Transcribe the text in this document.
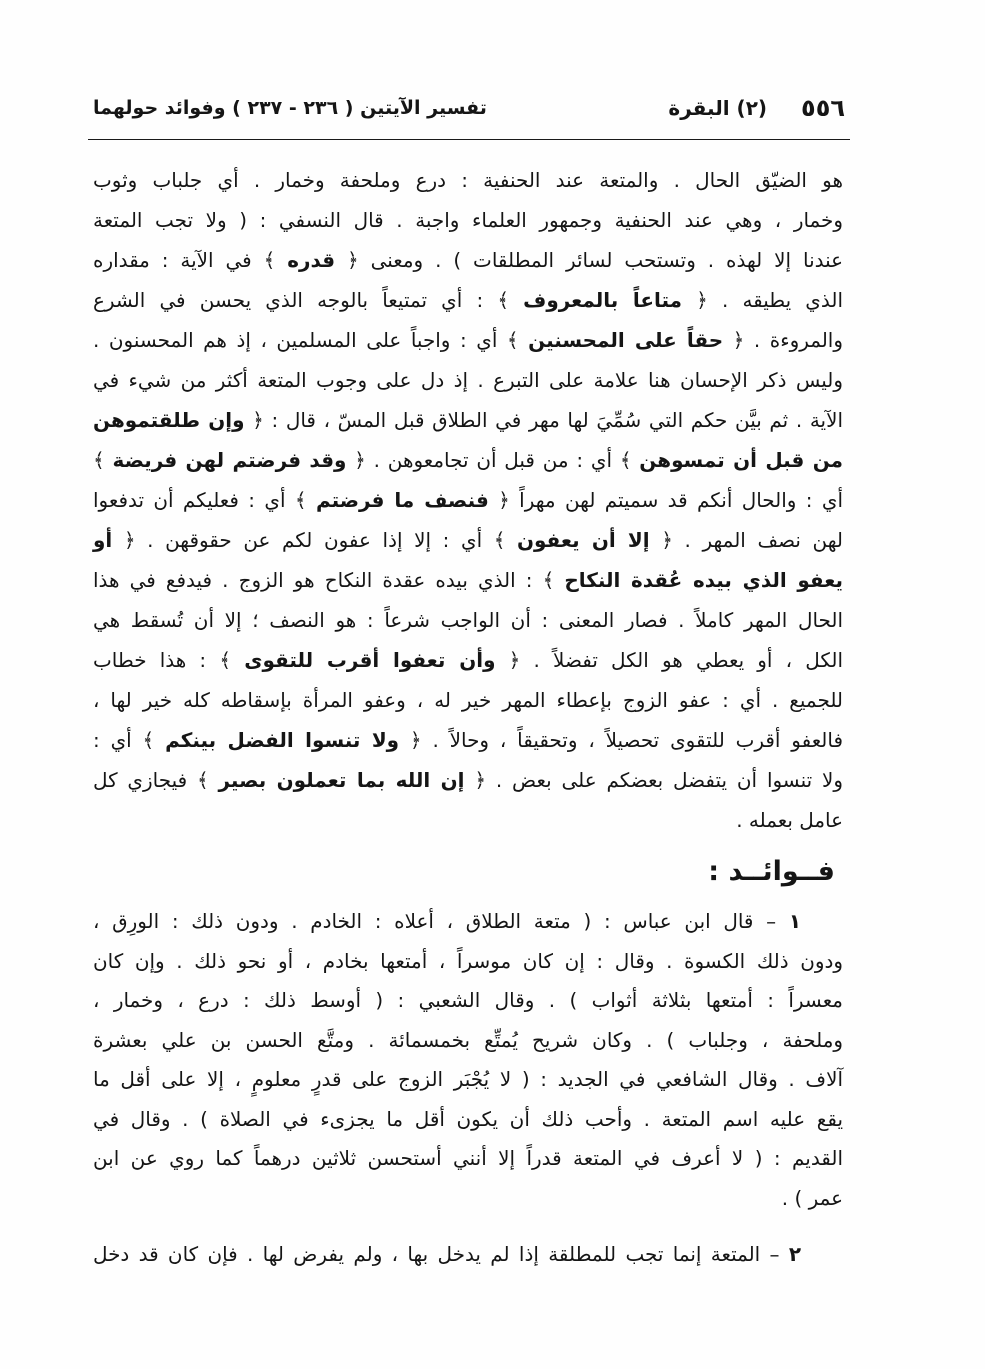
٥٥٦
(٢) البقرة
تفسير الآيتين ( ٢٣٦ - ٢٣٧ ) وفوائد حولهما
هو الضيّق الحال . والمتعة عند الحنفية : درع وملحفة وخمار . أي جلباب وثوب
وخمار ، وهي عند الحنفية وجمهور العلماء واجبة . قال النسفي : ( ولا تجب المتعة
عندنا إلا لهذه . وتستحب لسائر المطلقات ) . ومعنى ﴿ قدره ﴾ في الآية : مقداره
الذي يطيقه . ﴿ متاعاً بالمعروف ﴾ : أي تمتيعاً بالوجه الذي يحسن في الشرع
والمروءة . ﴿ حقاً على المحسنين ﴾ أي : واجباً على المسلمين ، إذ هم المحسنون .
وليس ذكر الإحسان هنا علامة على التبرع . إذ دل على وجوب المتعة أكثر من شيء في
الآية . ثم بيَّن حكم التي سُمِّيَ لها مهر في الطلاق قبل المسّ ، قال : ﴿ وإن طلقتموهن
من قبل أن تمسوهن ﴾ أي : من قبل أن تجامعوهن . ﴿ وقد فرضتم لهن فريضة ﴾
أي : والحال أنكم قد سميتم لهن مهراً ﴿ فنصف ما فرضتم ﴾ أي : فعليكم أن تدفعوا
لهن نصف المهر . ﴿ إلا أن يعفون ﴾ أي : إلا إذا عفون لكم عن حقوقهن . ﴿ أو
يعفو الذي بيده عُقدة النكاح ﴾ : الذي بيده عقدة النكاح هو الزوج . فيدفع في هذا
الحال المهر كاملاً . فصار المعنى : أن الواجب شرعاً : هو النصف ؛ إلا أن تُسقط هي
الكل ، أو يعطي هو الكل تفضلاً . ﴿ وأن تعفوا أقرب للتقوى ﴾ : هذا خطاب
للجميع . أي : عفو الزوج بإعطاء المهر خير له ، وعفو المرأة بإسقاطه كله خير لها ،
فالعفو أقرب للتقوى تحصيلاً ، وتحقيقاً ، وحالاً . ﴿ ولا تنسوا الفضل بينكم ﴾ أي :
ولا تنسوا أن يتفضل بعضكم على بعض . ﴿ إن الله بما تعملون بصير ﴾ فيجازي كل
عامل بعمله .
فــوائــد :
١ – قال ابن عباس : ( متعة الطلاق ، أعلاه : الخادم . ودون ذلك : الورِق ،
ودون ذلك الكسوة . وقال : إن كان موسراً ، أمتعها بخادم ، أو نحو ذلك . وإن كان
معسراً : أمتعها بثلاثة أثواب ) . وقال الشعبي : ( أوسط ذلك : درع ، وخمار ،
وملحفة ، وجلباب ) . وكان شريح يُمتِّع بخمسمائة . ومتَّع الحسن بن علي بعشرة
آلاف . وقال الشافعي في الجديد : ( لا يُجْبَر الزوج على قدرٍ معلومٍ ، إلا على أقل ما
يقع عليه اسم المتعة . وأحب ذلك أن يكون أقل ما يجزىء في الصلاة ) . وقال في
القديم : ( لا أعرف في المتعة قدراً إلا أنني أستحسن ثلاثين درهماً كما روي عن ابن
عمر ) .
٢ – المتعة إنما تجب للمطلقة إذا لم يدخل بها ، ولم يفرض لها . فإن كان قد دخل
